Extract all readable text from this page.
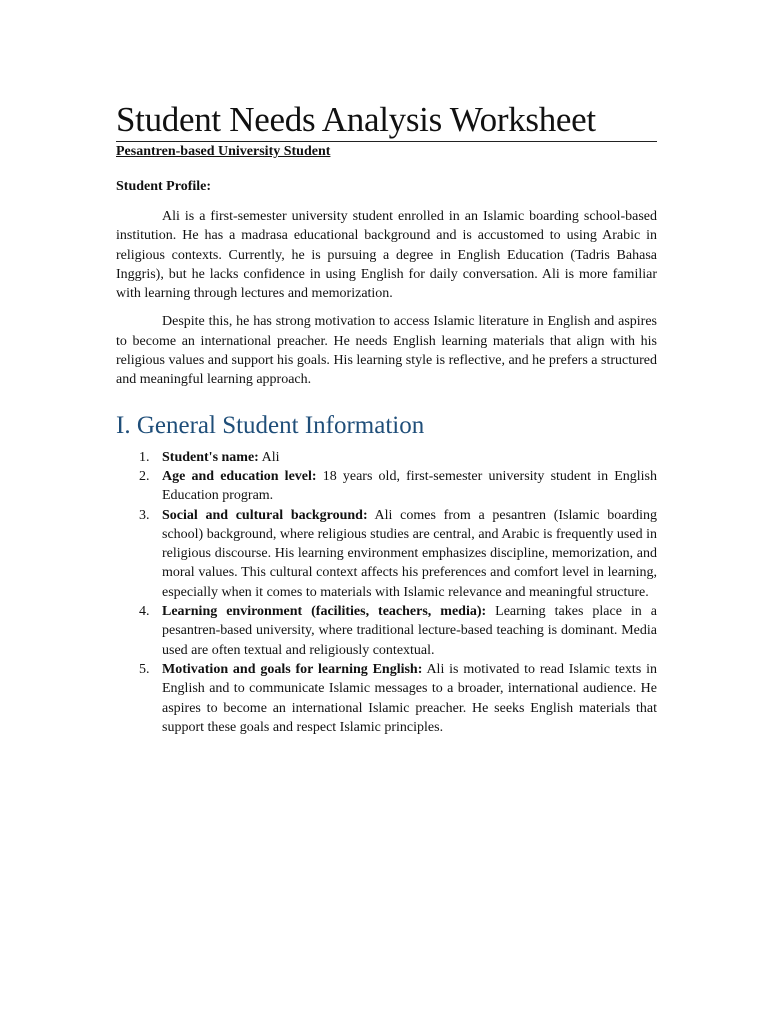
Student Needs Analysis Worksheet

Pesantren-based University Student

Student Profile:

Ali is a first-semester university student enrolled in an Islamic boarding school-based institution. He has a madrasa educational background and is accustomed to using Arabic in religious contexts. Currently, he is pursuing a degree in English Education (Tadris Bahasa Inggris), but he lacks confidence in using English for daily conversation. Ali is more familiar with learning through lectures and memorization.

Despite this, he has strong motivation to access Islamic literature in English and aspires to become an international preacher. He needs English learning materials that align with his religious values and support his goals. His learning style is reflective, and he prefers a structured and meaningful learning approach.

I. General Student Information
1. Student's name: Ali
2. Age and education level: 18 years old, first-semester university student in English Education program.
3. Social and cultural background: Ali comes from a pesantren (Islamic boarding school) background, where religious studies are central, and Arabic is frequently used in religious discourse. His learning environment emphasizes discipline, memorization, and moral values. This cultural context affects his preferences and comfort level in learning, especially when it comes to materials with Islamic relevance and meaningful structure.
4. Learning environment (facilities, teachers, media): Learning takes place in a pesantren-based university, where traditional lecture-based teaching is dominant. Media used are often textual and religiously contextual.
5. Motivation and goals for learning English: Ali is motivated to read Islamic texts in English and to communicate Islamic messages to a broader, international audience. He aspires to become an international Islamic preacher. He seeks English materials that support these goals and respect Islamic principles.
